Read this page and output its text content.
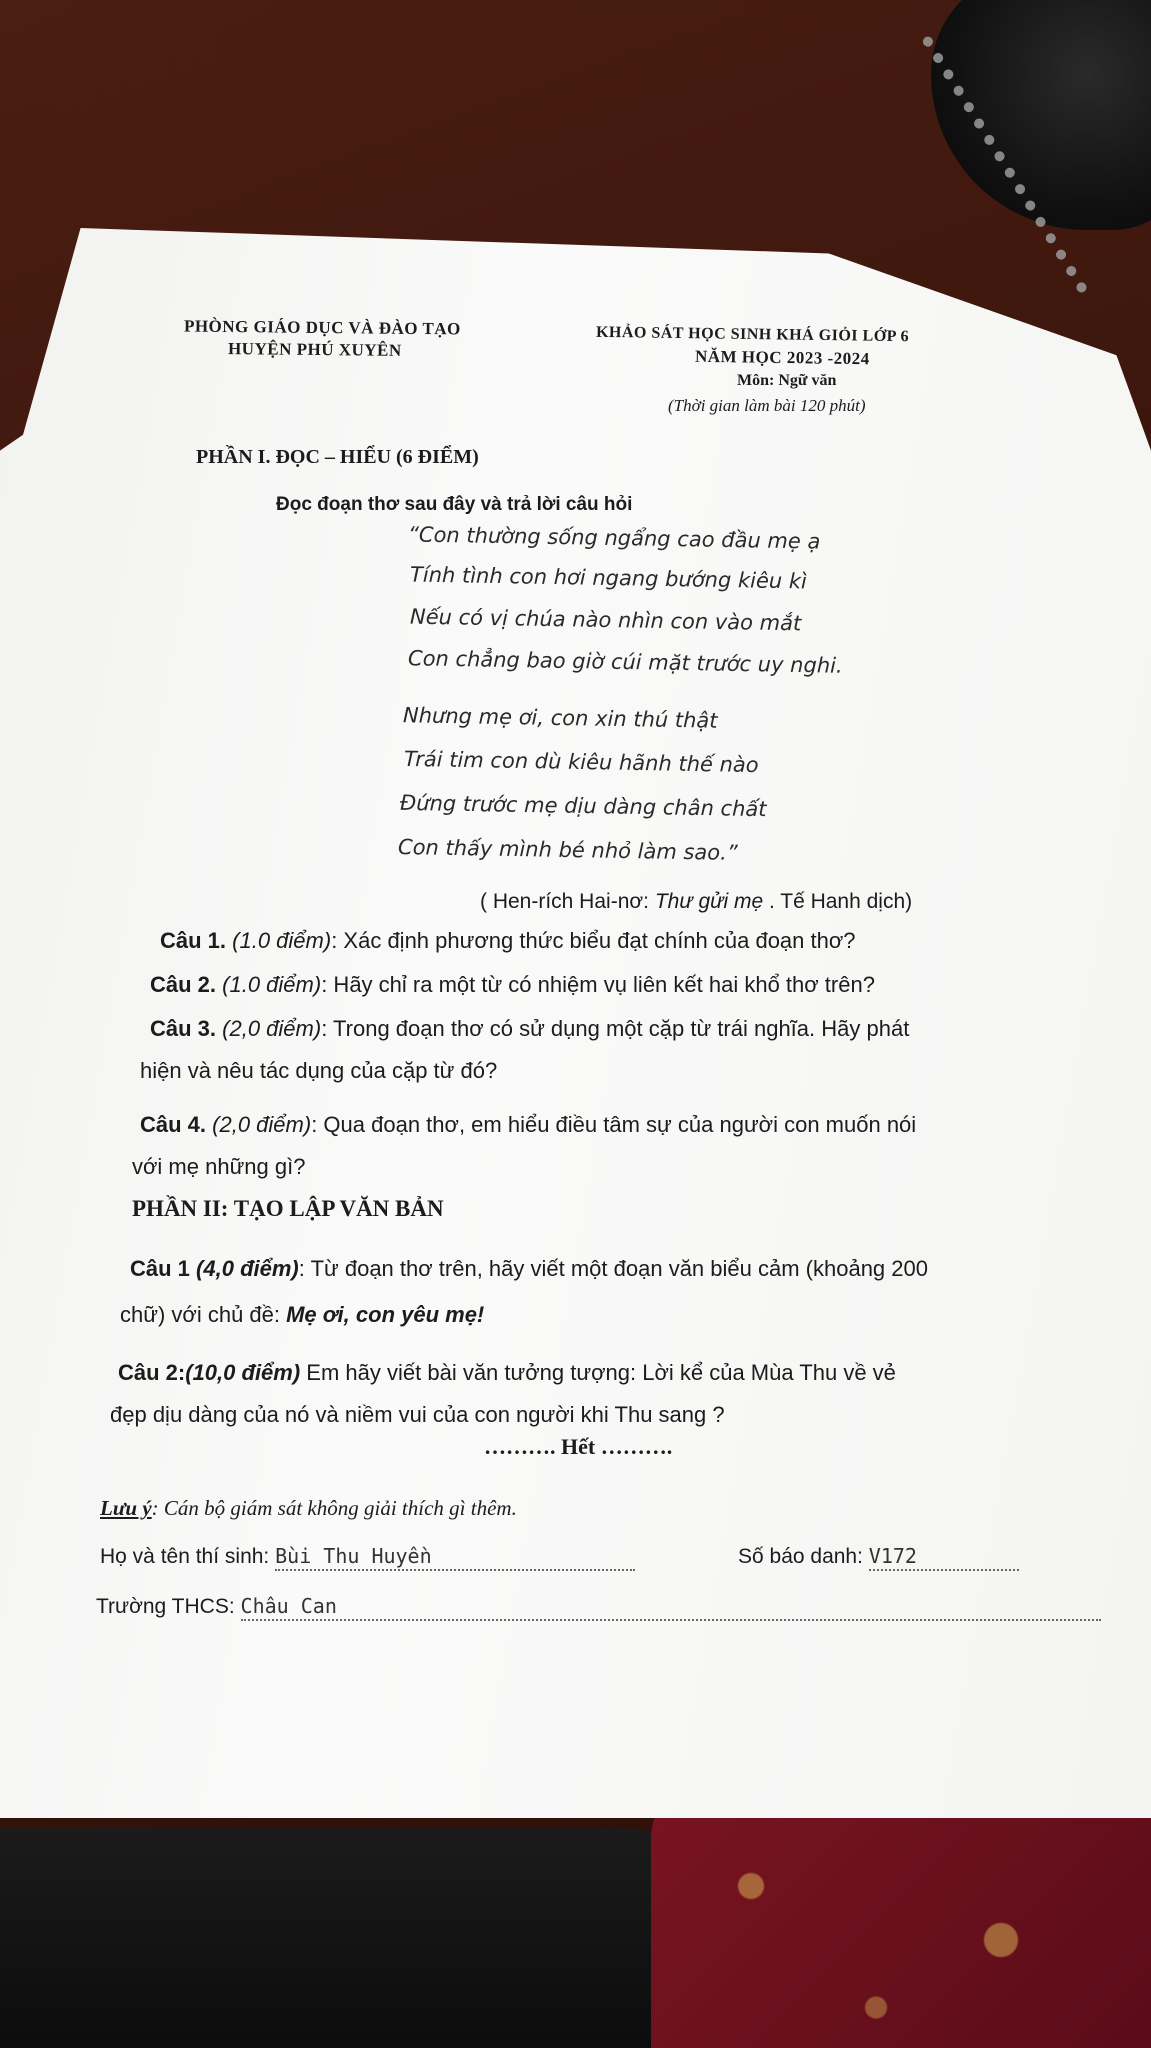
PHÒNG GIÁO DỤC VÀ ĐÀO TẠO
HUYỆN PHÚ XUYÊN
KHẢO SÁT HỌC SINH KHÁ GIỎI LỚP 6
NĂM HỌC 2023 -2024
Môn: Ngữ văn
(Thời gian làm bài 120 phút)
PHẦN I. ĐỌC – HIỂU (6 ĐIỂM)
Đọc đoạn thơ sau đây và trả lời câu hỏi
“Con thường sống ngẩng cao đầu mẹ ạ
Tính tình con hơi ngang bướng kiêu kì
Nếu có vị chúa nào nhìn con vào mắt
Con chẳng bao giờ cúi mặt trước uy nghi.
Nhưng mẹ ơi, con xin thú thật
Trái tim con dù kiêu hãnh thế nào
Đứng trước mẹ dịu dàng chân chất
Con thấy mình bé nhỏ làm sao.”
( Hen-rích Hai-nơ: Thư gửi mẹ . Tế Hanh dịch)
Câu 1. (1.0 điểm): Xác định phương thức biểu đạt chính của đoạn thơ?
Câu 2. (1.0 điểm): Hãy chỉ ra một từ có nhiệm vụ liên kết hai khổ thơ trên?
Câu 3. (2,0 điểm): Trong đoạn thơ có sử dụng một cặp từ trái nghĩa. Hãy phát
hiện và nêu tác dụng của cặp từ đó?
Câu 4. (2,0 điểm): Qua đoạn thơ, em hiểu điều tâm sự của người con muốn nói
với mẹ những gì?
PHẦN II: TẠO LẬP VĂN BẢN
Câu 1 (4,0 điểm): Từ đoạn thơ trên, hãy viết một đoạn văn biểu cảm (khoảng 200
chữ) với chủ đề: Mẹ ơi, con yêu mẹ!
Câu 2:(10,0 điểm) Em hãy viết bài văn tưởng tượng: Lời kể của Mùa Thu về vẻ
đẹp dịu dàng của nó và niềm vui của con người khi Thu sang ?
………. Hết ……….
Lưu ý: Cán bộ giám sát không giải thích gì thêm.
Họ và tên thí sinh: Bùi Thu Huyền	Số báo danh: V172
Trường THCS: Châu Can
